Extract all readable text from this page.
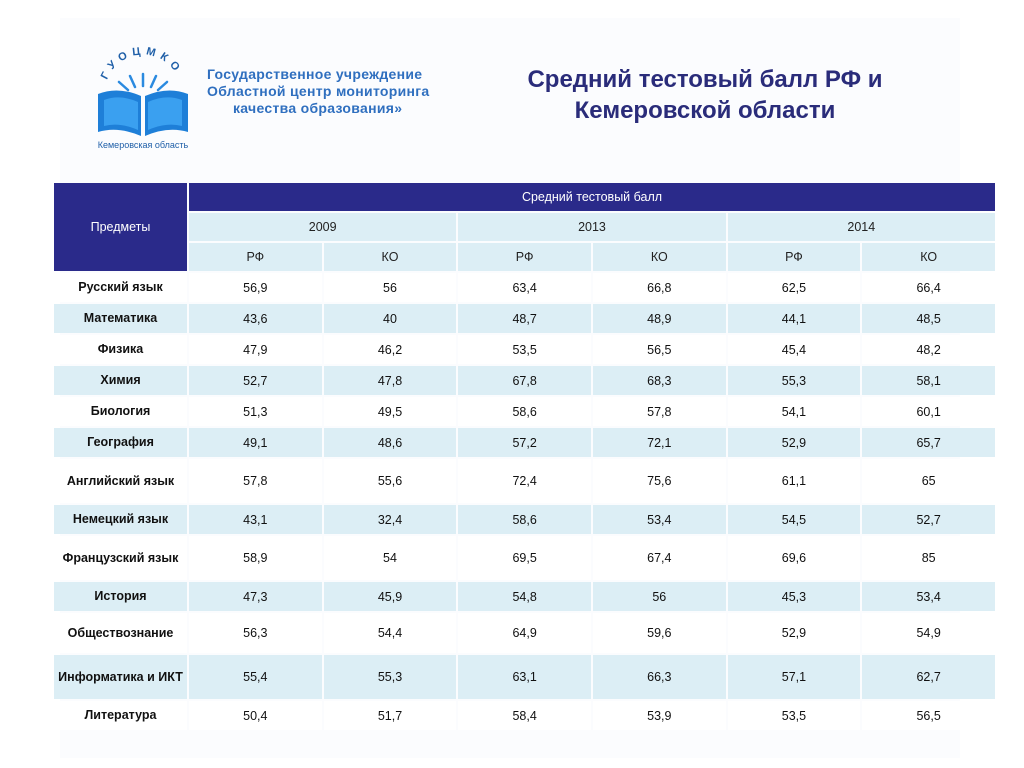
ГУОЦМКО
Кемеровская область
Государственное учреждение
Областной центр мониторинга
качества образования»
Средний тестовый балл РФ и
Кемеровской области
Предметы	Средний тестовый балл					
	2009		2013		2014	
	РФ	КО	РФ	КО	РФ	КО
Русский язык	56,9	56	63,4	66,8	62,5	66,4
Математика	43,6	40	48,7	48,9	44,1	48,5
Физика	47,9	46,2	53,5	56,5	45,4	48,2
Химия	52,7	47,8	67,8	68,3	55,3	58,1
Биология	51,3	49,5	58,6	57,8	54,1	60,1
География	49,1	48,6	57,2	72,1	52,9	65,7
Английский язык	57,8	55,6	72,4	75,6	61,1	65
Немецкий язык	43,1	32,4	58,6	53,4	54,5	52,7
Французский язык	58,9	54	69,5	67,4	69,6	85
История	47,3	45,9	54,8	56	45,3	53,4
Обществознание	56,3	54,4	64,9	59,6	52,9	54,9
Информатика и ИКТ	55,4	55,3	63,1	66,3	57,1	62,7
Литература	50,4	51,7	58,4	53,9	53,5	56,5
